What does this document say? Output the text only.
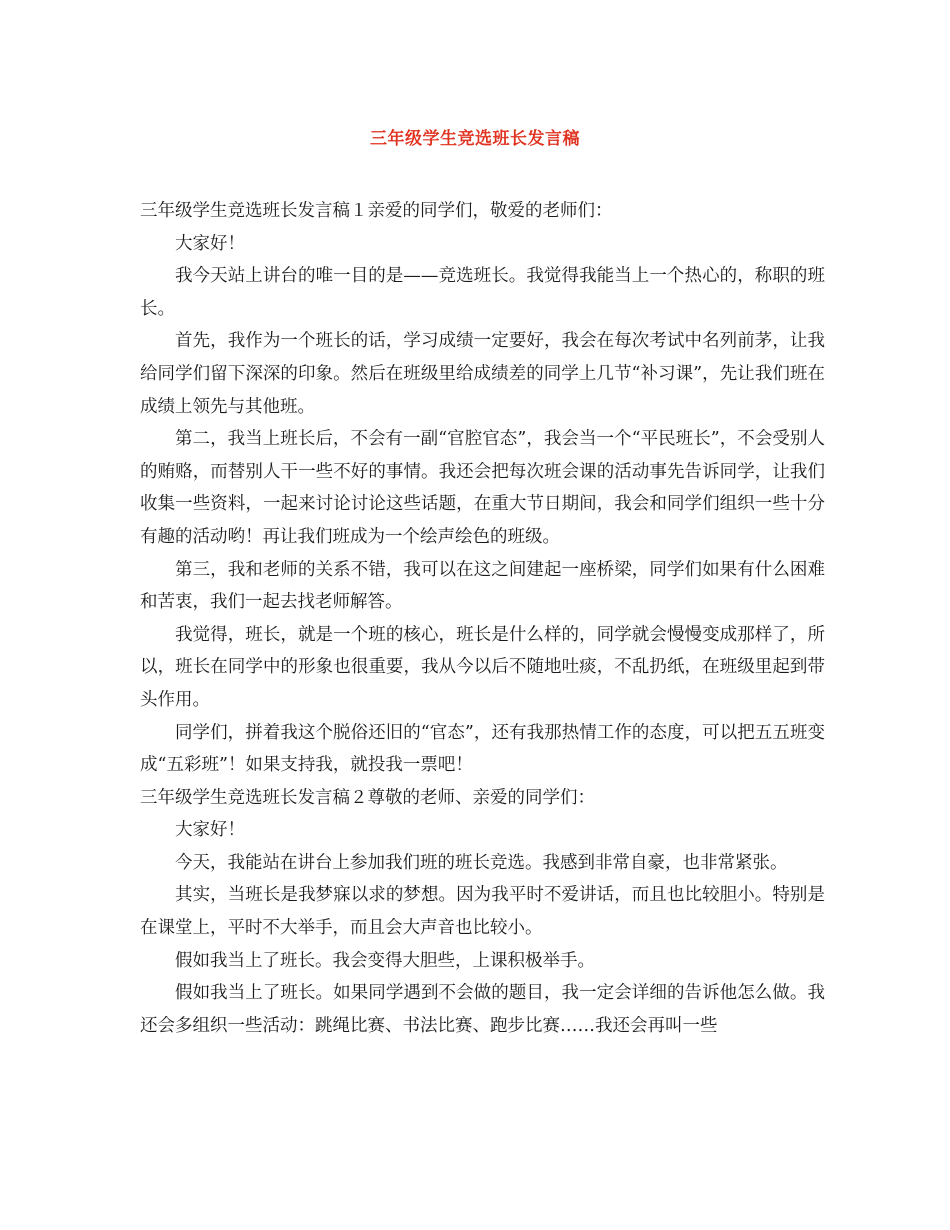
三年级学生竞选班长发言稿

三年级学生竞选班长发言稿１亲爱的同学们，敬爱的老师们：

大家好！

我今天站上讲台的唯一目的是——竞选班长。我觉得我能当上一个热心的，称职的班长。

首先，我作为一个班长的话，学习成绩一定要好，我会在每次考试中名列前茅，让我给同学们留下深深的印象。然后在班级里给成绩差的同学上几节“补习课”，先让我们班在成绩上领先与其他班。

第二，我当上班长后，不会有一副“官腔官态”，我会当一个“平民班长”，不会受别人的贿赂，而替别人干一些不好的事情。我还会把每次班会课的活动事先告诉同学，让我们收集一些资料，一起来讨论讨论这些话题，在重大节日期间，我会和同学们组织一些十分有趣的活动哟！再让我们班成为一个绘声绘色的班级。

第三，我和老师的关系不错，我可以在这之间建起一座桥梁，同学们如果有什么困难和苦衷，我们一起去找老师解答。

我觉得，班长，就是一个班的核心，班长是什么样的，同学就会慢慢变成那样了，所以，班长在同学中的形象也很重要，我从今以后不随地吐痰，不乱扔纸，在班级里起到带头作用。

同学们，拼着我这个脱俗还旧的“官态”，还有我那热情工作的态度，可以把五五班变成“五彩班”！如果支持我，就投我一票吧！

三年级学生竞选班长发言稿２尊敬的老师、亲爱的同学们：

大家好！

今天，我能站在讲台上参加我们班的班长竞选。我感到非常自豪，也非常紧张。

其实，当班长是我梦寐以求的梦想。因为我平时不爱讲话，而且也比较胆小。特别是在课堂上，平时不大举手，而且会大声音也比较小。

假如我当上了班长。我会变得大胆些，上课积极举手。

假如我当上了班长。如果同学遇到不会做的题目，我一定会详细的告诉他怎么做。我还会多组织一些活动：跳绳比赛、书法比赛、跑步比赛……我还会再叫一些
